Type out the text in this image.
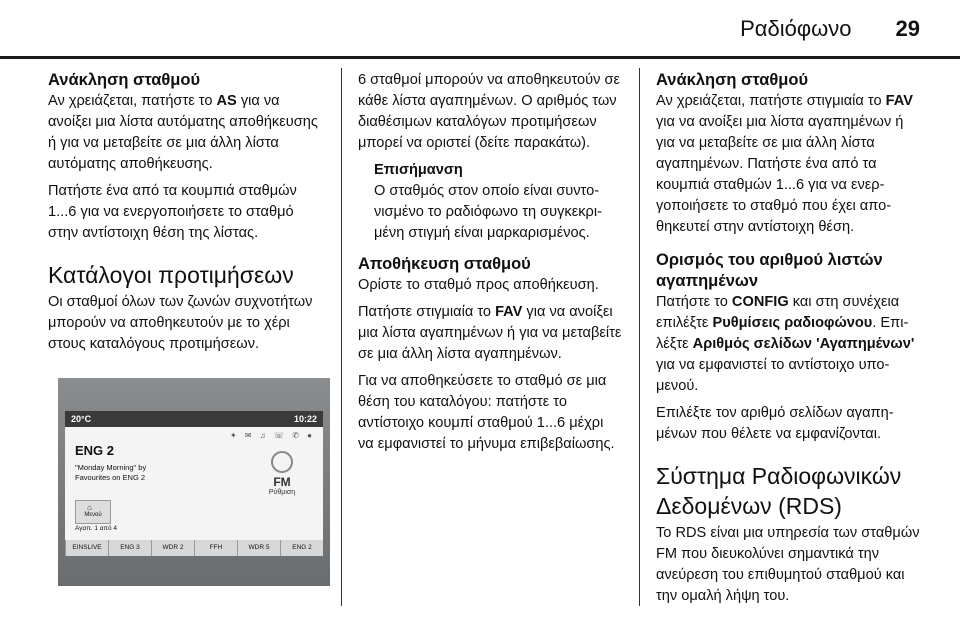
Ραδιόφωνο 29
Ανάκληση σταθμού

Αν χρειάζεται, πατήστε το AS για να ανοίξει μια λίστα αυτόματης αποθήκευσης ή για να μεταβείτε σε μια άλλη λίστα αυτόματης αποθήκευσης.

Πατήστε ένα από τα κουμπιά σταθμών 1...6 για να ενεργοποιήσετε το σταθμό στην αντίστοιχη θέση της λίστας.

Κατάλογοι προτιμήσεων

Οι σταθμοί όλων των ζωνών συχνοτήτων μπορούν να αποθηκευτούν με το χέρι στους καταλόγους προτιμήσεων.

20°C	10:22
✦ ✉ ♫ ☏ ✆ ●
ENG 2
"Monday Morning" by
Favourites on ENG 2	FM
Ρύθμιση
Μενού
⌂
Αγαπ. 1 από 4
EINSLIVE	ENG 3	WDR 2	FFH	WDR 5	ENG 2

6 σταθμοί μπορούν να αποθηκευτούν σε κάθε λίστα αγαπημένων. Ο αριθμός των διαθέσιμων καταλόγων προτιμήσεων μπορεί να οριστεί (δείτε παρακάτω).

Επισήμανση
Ο σταθμός στον οποίο είναι συντονισμένο το ραδιόφωνο τη συγκεκριμένη στιγμή είναι μαρκαρισμένος.
Αποθήκευση σταθμού

Ορίστε το σταθμό προς αποθήκευση.

Πατήστε στιγμιαία το FAV για να ανοίξει μια λίστα αγαπημένων ή για να μεταβείτε σε μια άλλη λίστα αγαπημένων.

Για να αποθηκεύσετε το σταθμό σε μια θέση του καταλόγου: πατήστε το αντίστοιχο κουμπί σταθμού 1...6 μέχρι να εμφανιστεί το μήνυμα επιβεβαίωσης.

Ανάκληση σταθμού

Αν χρειάζεται, πατήστε στιγμιαία το FAV για να ανοίξει μια λίστα αγαπημένων ή για να μεταβείτε σε μια άλλη λίστα αγαπημένων. Πατήστε ένα από τα κουμπιά σταθμών 1...6 για να ενεργοποιήσετε το σταθμό που έχει αποθηκευτεί στην αντίστοιχη θέση.

Ορισμός του αριθμού λιστών αγαπημένων

Πατήστε το CONFIG και στη συνέχεια επιλέξτε Ρυθμίσεις ραδιοφώνου. Επιλέξτε Αριθμός σελίδων 'Αγαπημένων' για να εμφανιστεί το αντίστοιχο υπομενού.

Επιλέξτε τον αριθμό σελίδων αγαπημένων που θέλετε να εμφανίζονται.

Σύστημα Ραδιοφωνικών Δεδομένων (RDS)

Το RDS είναι μια υπηρεσία των σταθμών FM που διευκολύνει σημαντικά την ανεύρεση του επιθυμητού σταθμού και την ομαλή λήψη του.
